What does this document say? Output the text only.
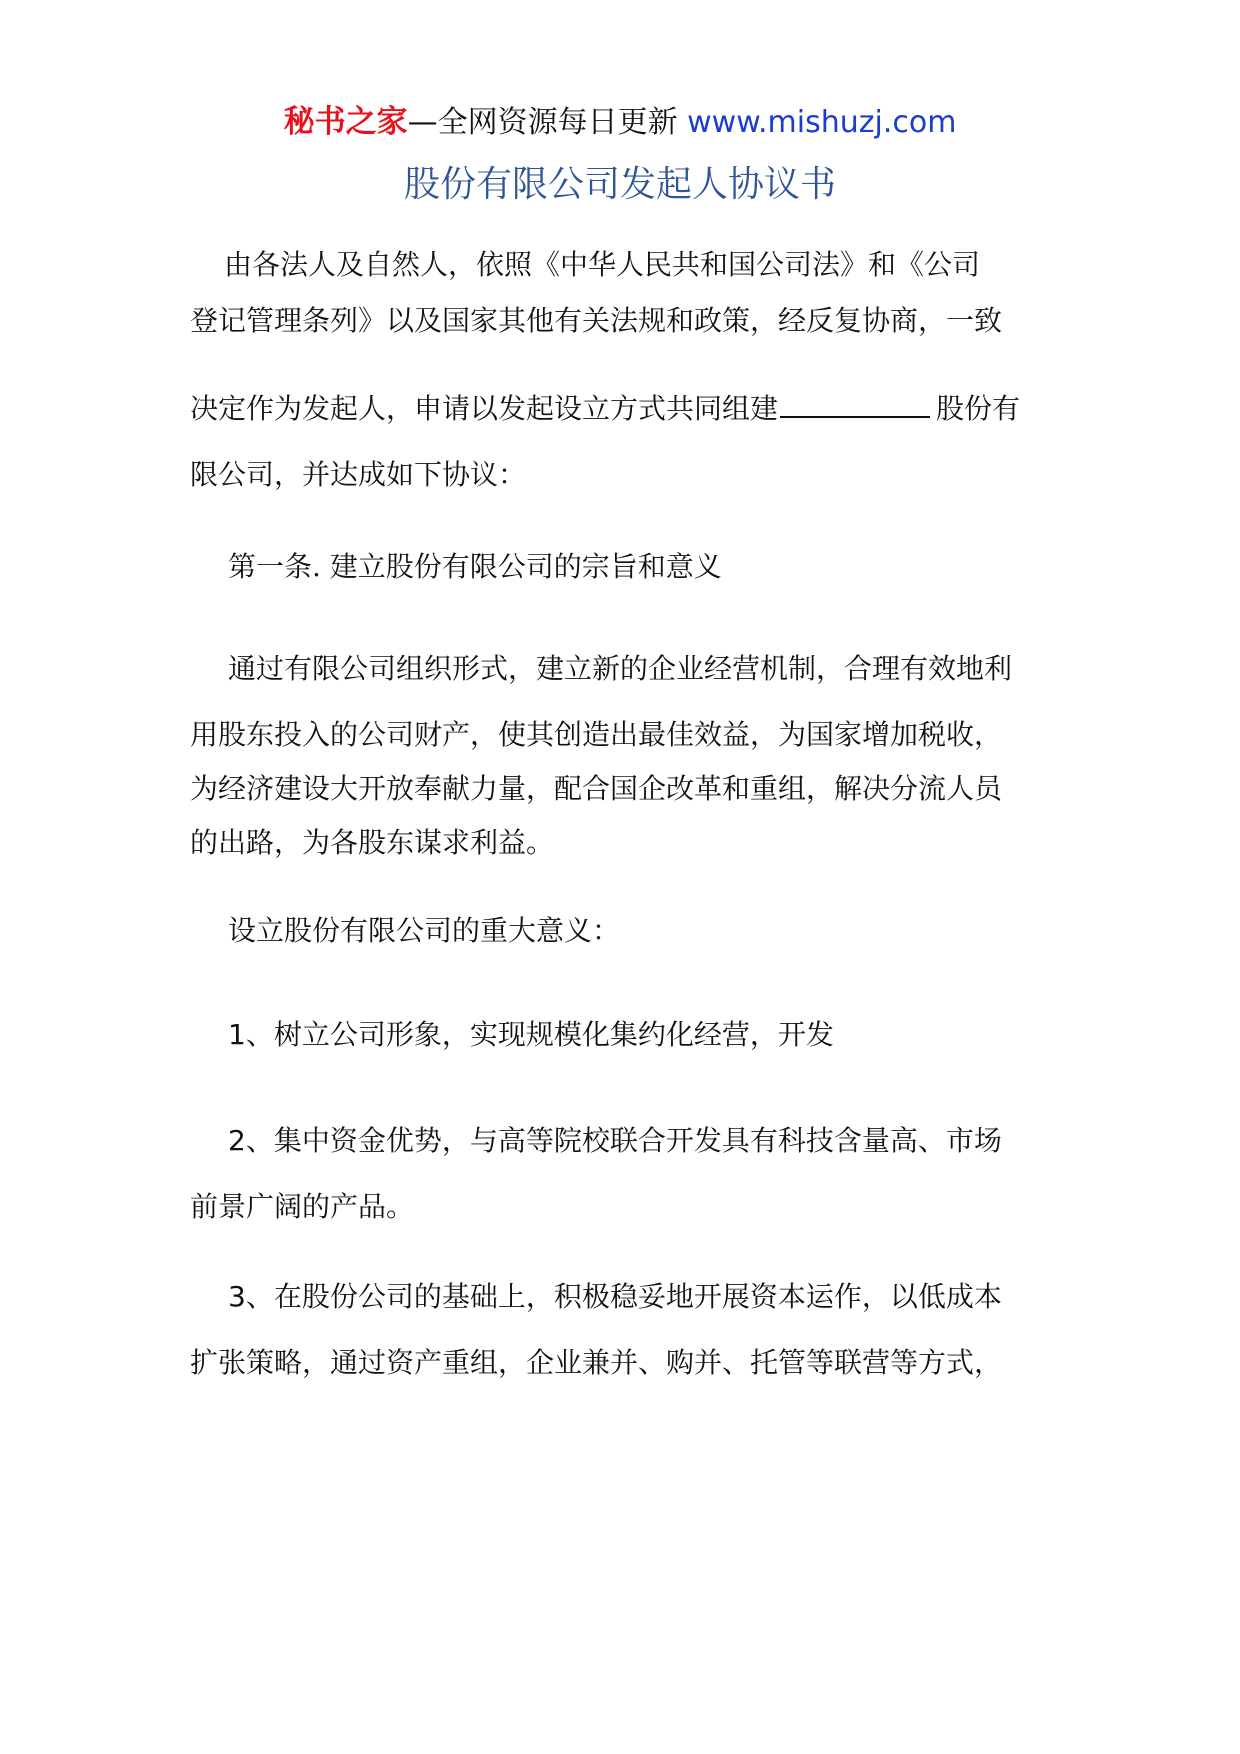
秘书之家—全网资源每日更新 www.mishuzj.com
股份有限公司发起人协议书
由各法人及自然人，依照《中华人民共和国公司法》和《公司
登记管理条列》以及国家其他有关法规和政策，经反复协商，一致
决定作为发起人，申请以发起设立方式共同组建	股份有
限公司，并达成如下协议：
第一条. 建立股份有限公司的宗旨和意义
通过有限公司组织形式，建立新的企业经营机制，合理有效地利
用股东投入的公司财产，使其创造出最佳效益，为国家增加税收，
为经济建设大开放奉献力量，配合国企改革和重组，解决分流人员
的出路，为各股东谋求利益。
设立股份有限公司的重大意义：
1、树立公司形象，实现规模化集约化经营，开发
2、集中资金优势，与高等院校联合开发具有科技含量高、市场
前景广阔的产品。
3、在股份公司的基础上，积极稳妥地开展资本运作，以低成本
扩张策略，通过资产重组，企业兼并、购并、托管等联营等方式，
